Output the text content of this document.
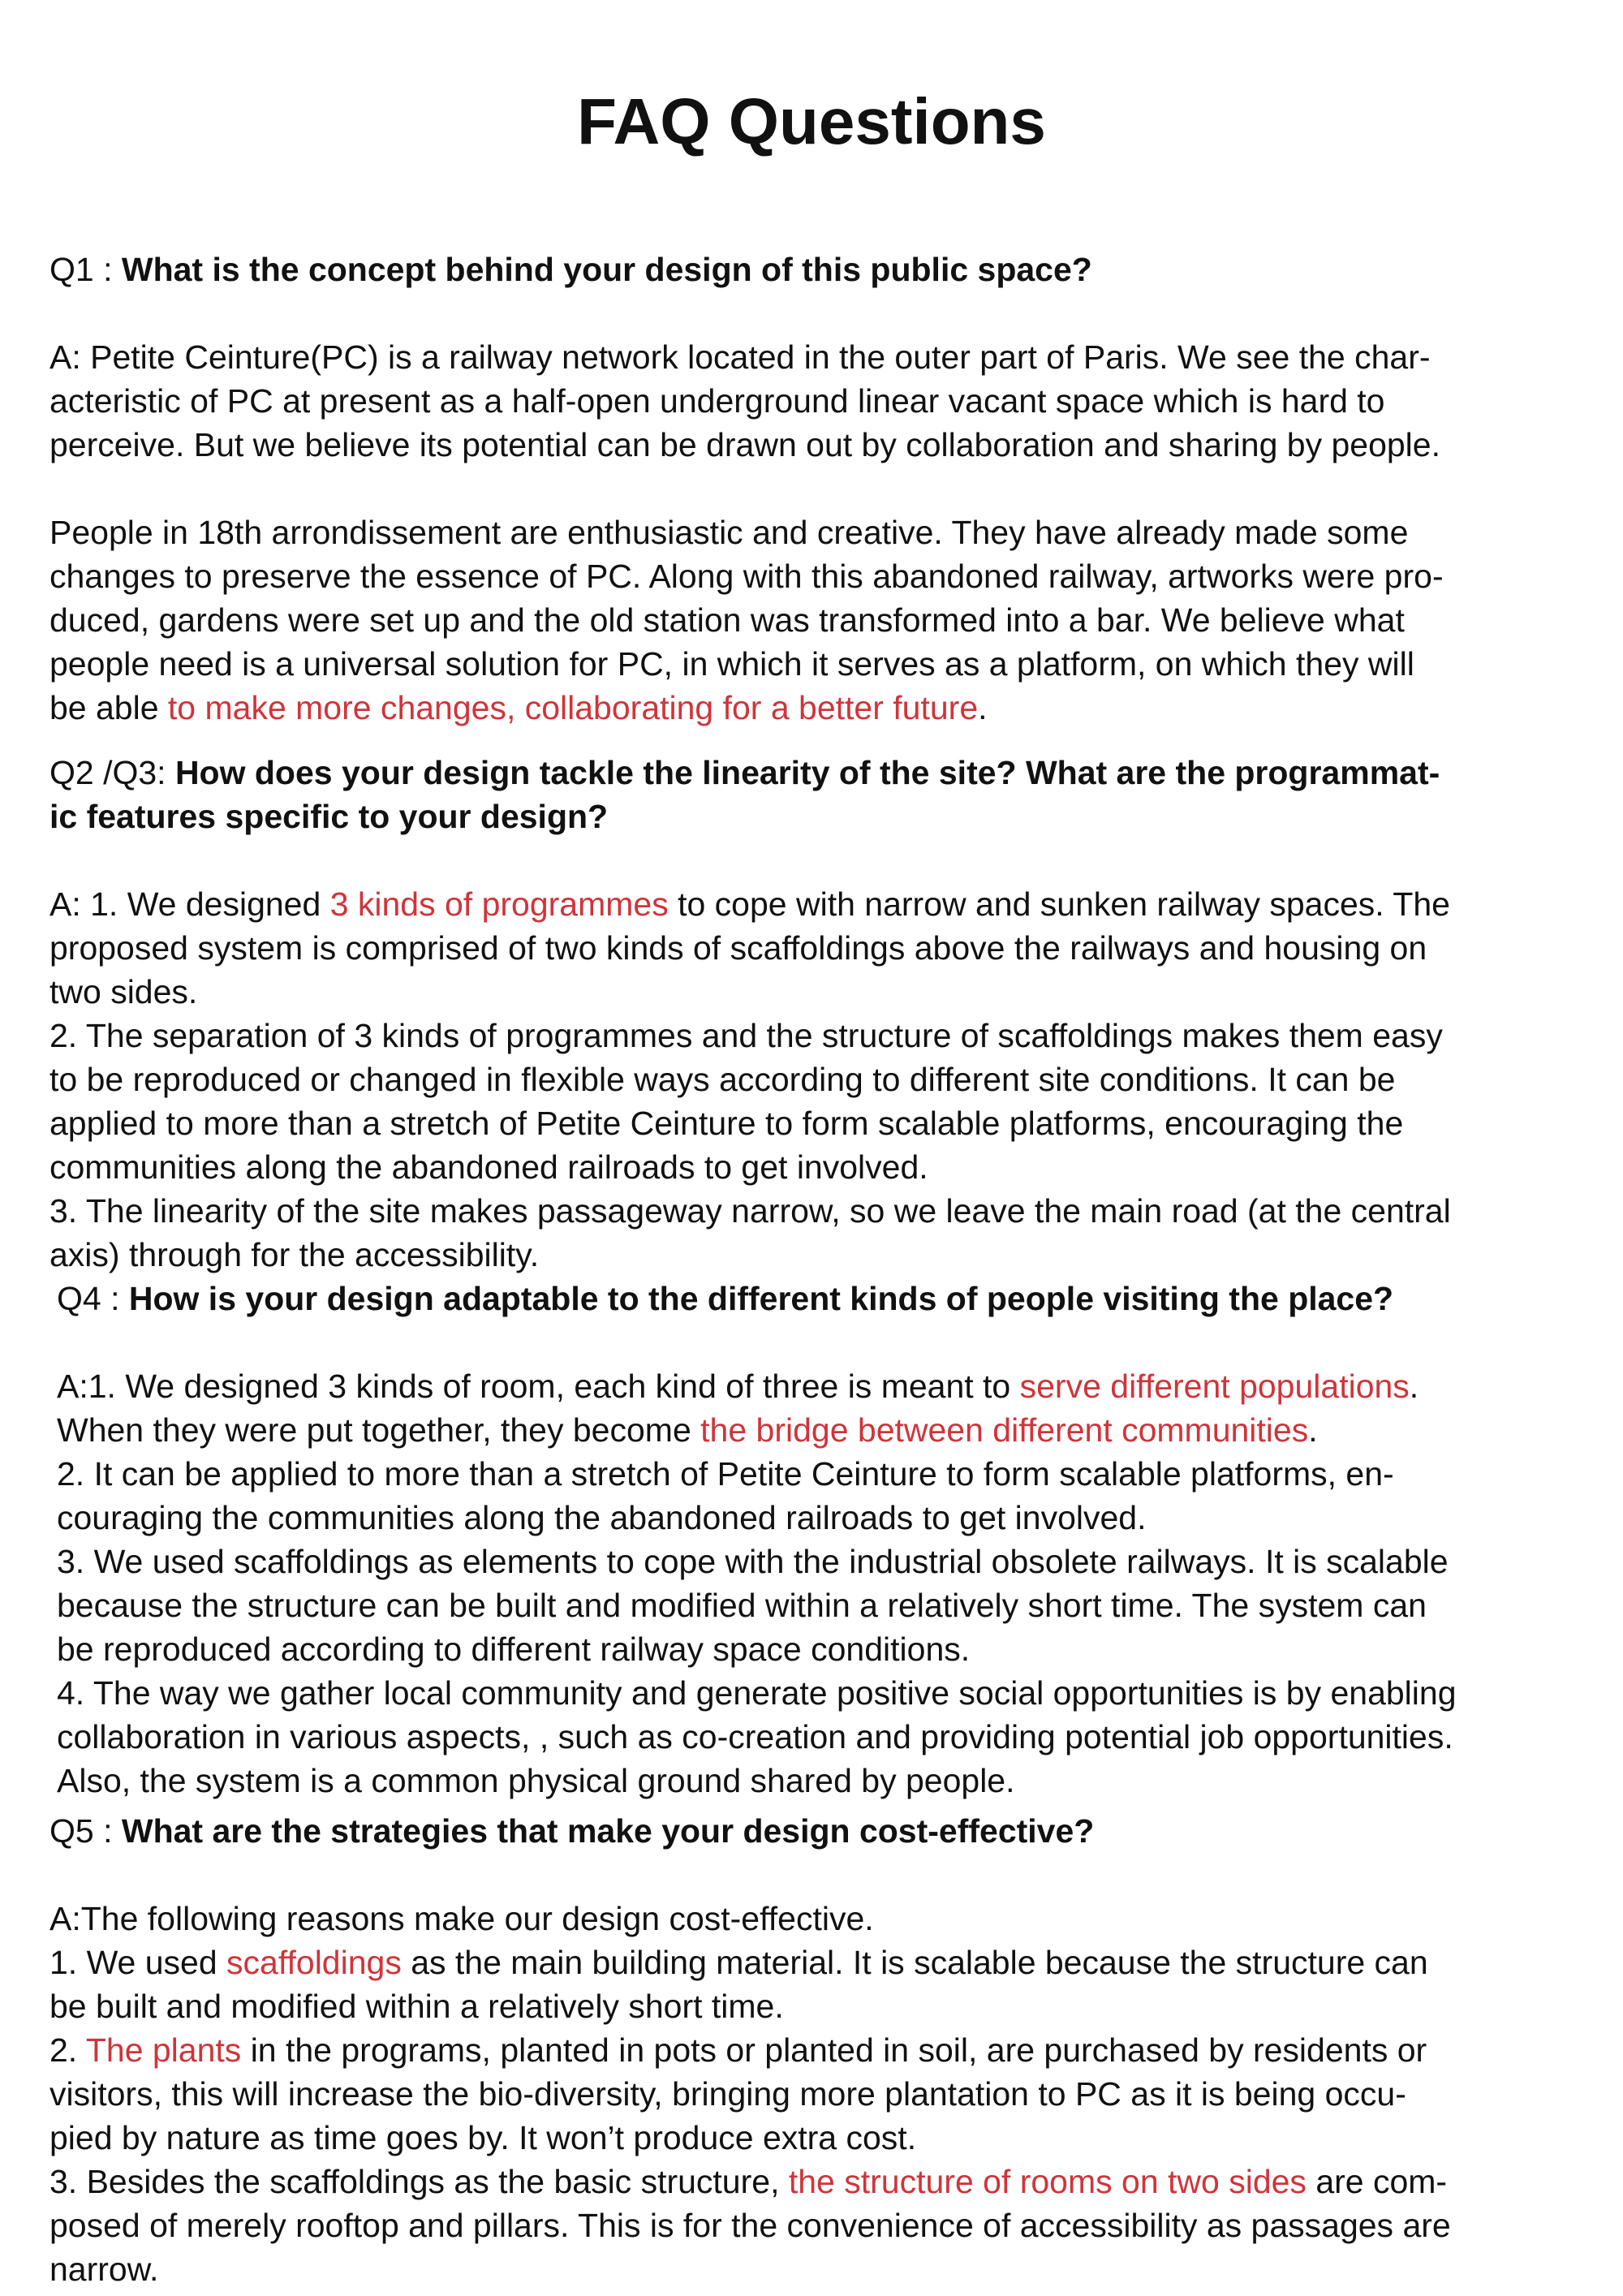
FAQ Questions

Q1 : What is the concept behind your design of this public space?

A: Petite Ceinture(PC) is a railway network located in the outer part of Paris. We see the char-

acteristic of PC at present as a half-open underground linear vacant space which is hard to

perceive. But we believe its potential can be drawn out by collaboration and sharing by people.

People in 18th arrondissement are enthusiastic and creative. They have already made some

changes to preserve the essence of PC. Along with this abandoned railway, artworks were pro-

duced, gardens were set up and the old station was transformed into a bar. We believe what

people need is a universal solution for PC, in which it serves as a platform, on which they will

be able to make more changes, collaborating for a better future.

Q2 /Q3: How does your design tackle the linearity of the site? What are the programmat-

ic features specific to your design?

A: 1. We designed 3 kinds of programmes to cope with narrow and sunken railway spaces. The

proposed system is comprised of two kinds of scaffoldings above the railways and housing on

two sides.

2. The separation of 3 kinds of programmes and the structure of scaffoldings makes them easy

to be reproduced or changed in flexible ways according to different site conditions. It can be

applied to more than a stretch of Petite Ceinture to form scalable platforms, encouraging the

communities along the abandoned railroads to get involved.

3. The linearity of the site makes passageway narrow, so we leave the main road (at the central

axis) through for the accessibility.

Q4 : How is your design adaptable to the different kinds of people visiting the place?

A:1. We designed 3 kinds of room, each kind of three is meant to serve different populations.

When they were put together, they become the bridge between different communities.

2. It can be applied to more than a stretch of Petite Ceinture to form scalable platforms, en-

couraging the communities along the abandoned railroads to get involved.

3. We used scaffoldings as elements to cope with the industrial obsolete railways. It is scalable

because the structure can be built and modified within a relatively short time. The system can

be reproduced according to different railway space conditions.

4. The way we gather local community and generate positive social opportunities is by enabling

collaboration in various aspects, , such as co-creation and providing potential job opportunities.

Also, the system is a common physical ground shared by people.

Q5 : What are the strategies that make your design cost-effective?

A:The following reasons make our design cost-effective.

1. We used scaffoldings as the main building material. It is scalable because the structure can

be built and modified within a relatively short time.

2. The plants in the programs, planted in pots or planted in soil, are purchased by residents or

visitors, this will increase the bio-diversity, bringing more plantation to PC as it is being occu-

pied by nature as time goes by. It won’t produce extra cost.

3. Besides the scaffoldings as the basic structure, the structure of rooms on two sides are com-

posed of merely rooftop and pillars. This is for the convenience of accessibility as passages are

narrow.
